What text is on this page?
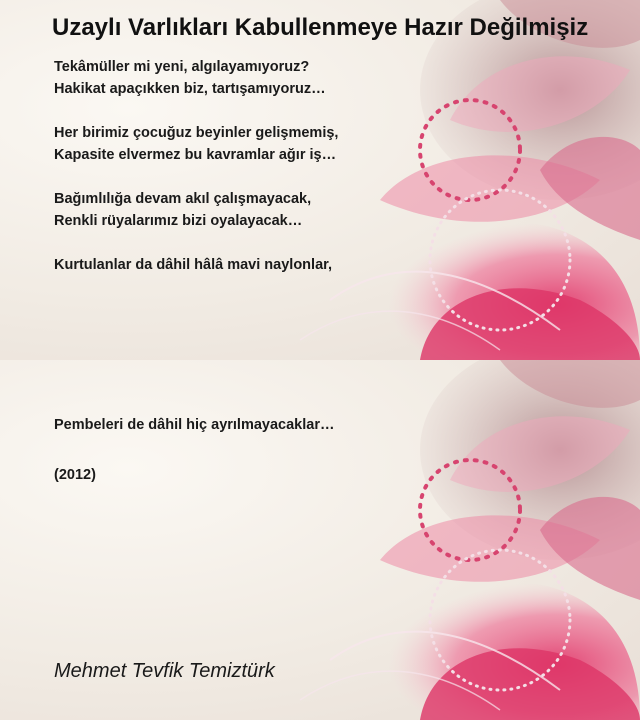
Uzaylı Varlıkları Kabullenmeye Hazır Değilmişiz

Tekâmüller mi yeni, algılayamıyoruz?
Hakikat apaçıkken biz, tartışamıyoruz…

Her birimiz çocuğuz beyinler gelişmemiş,
Kapasite elvermez bu kavramlar ağır iş…

Bağımlılığa devam akıl çalışmayacak,
Renkli rüyalarımız bizi oyalayacak…

Kurtulanlar da dâhil hâlâ mavi naylonlar,

Pembeleri de dâhil hiç ayrılmayacaklar…
(2012)
Mehmet Tevfik Temiztürk
